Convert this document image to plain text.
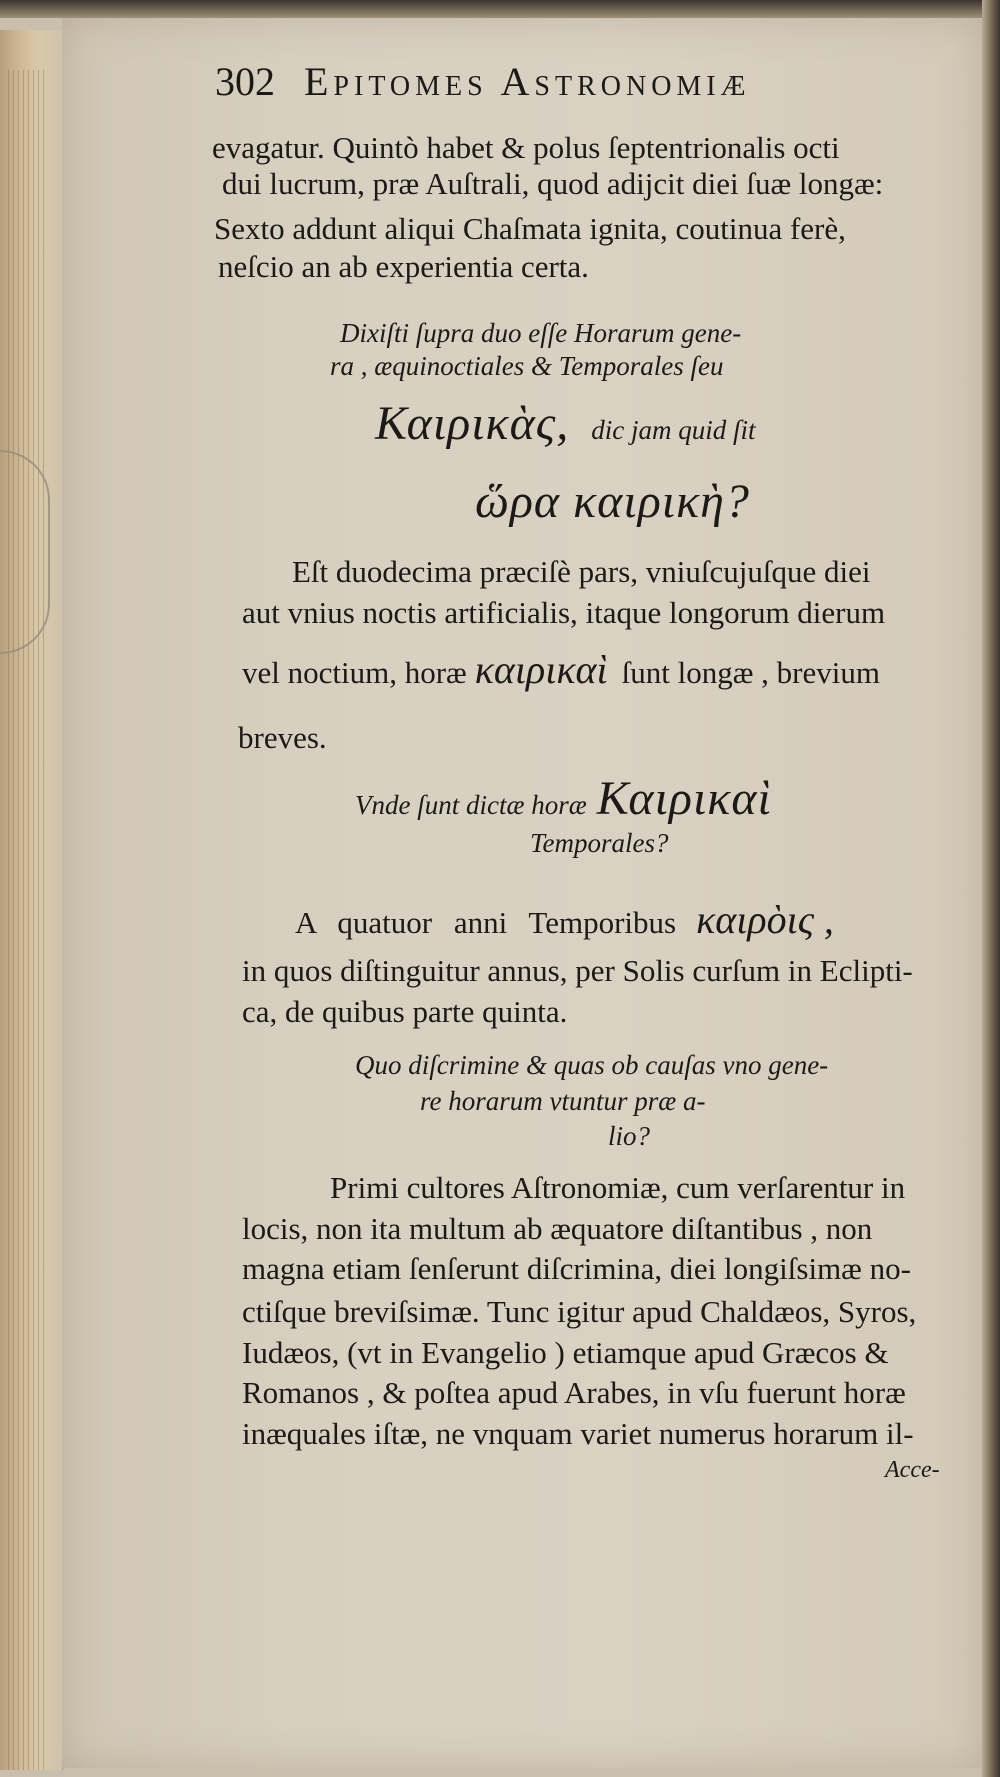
302 Epitomes Astronomiæ
evagatur. Quintò habet & polus ſeptentrionalis octi
dui lucrum, præ Auſtrali, quod adijcit diei ſuæ longæ:
Sexto addunt aliqui Chaſmata ignita, coutinua ferè,
neſcio an ab experientia certa.
Dixiſti ſupra duo eſſe Horarum gene-
ra , æquinoctiales & Temporales ſeu
Καιρικὰς, dic jam quid ſit
ὥρα καιρικὴ?
Eſt duodecima præciſè pars, vniuſcujuſque diei
aut vnius noctis artificialis, itaque longorum dierum
vel noctium, horæ καιρικαὶ ſunt longæ , brevium
breves.
Vnde ſunt dictæ horæ Καιρικαὶ
Temporales?
A quatuor anni Temporibus καιρὸις ,
in quos diſtinguitur annus, per Solis curſum in Eclipti-
ca, de quibus parte quinta.
Quo diſcrimine & quas ob cauſas vno gene-
re horarum vtuntur præ a-
lio?
Primi cultores Aſtronomiæ, cum verſarentur in
locis, non ita multum ab æquatore diſtantibus , non
magna etiam ſenſerunt diſcrimina, diei longiſsimæ no-
ctiſque breviſsimæ. Tunc igitur apud Chaldæos, Syros,
Iudæos, (vt in Evangelio ) etiamque apud Græcos &
Romanos , & poſtea apud Arabes, in vſu fuerunt horæ
inæquales iſtæ, ne vnquam variet numerus horarum il-
Acce-
